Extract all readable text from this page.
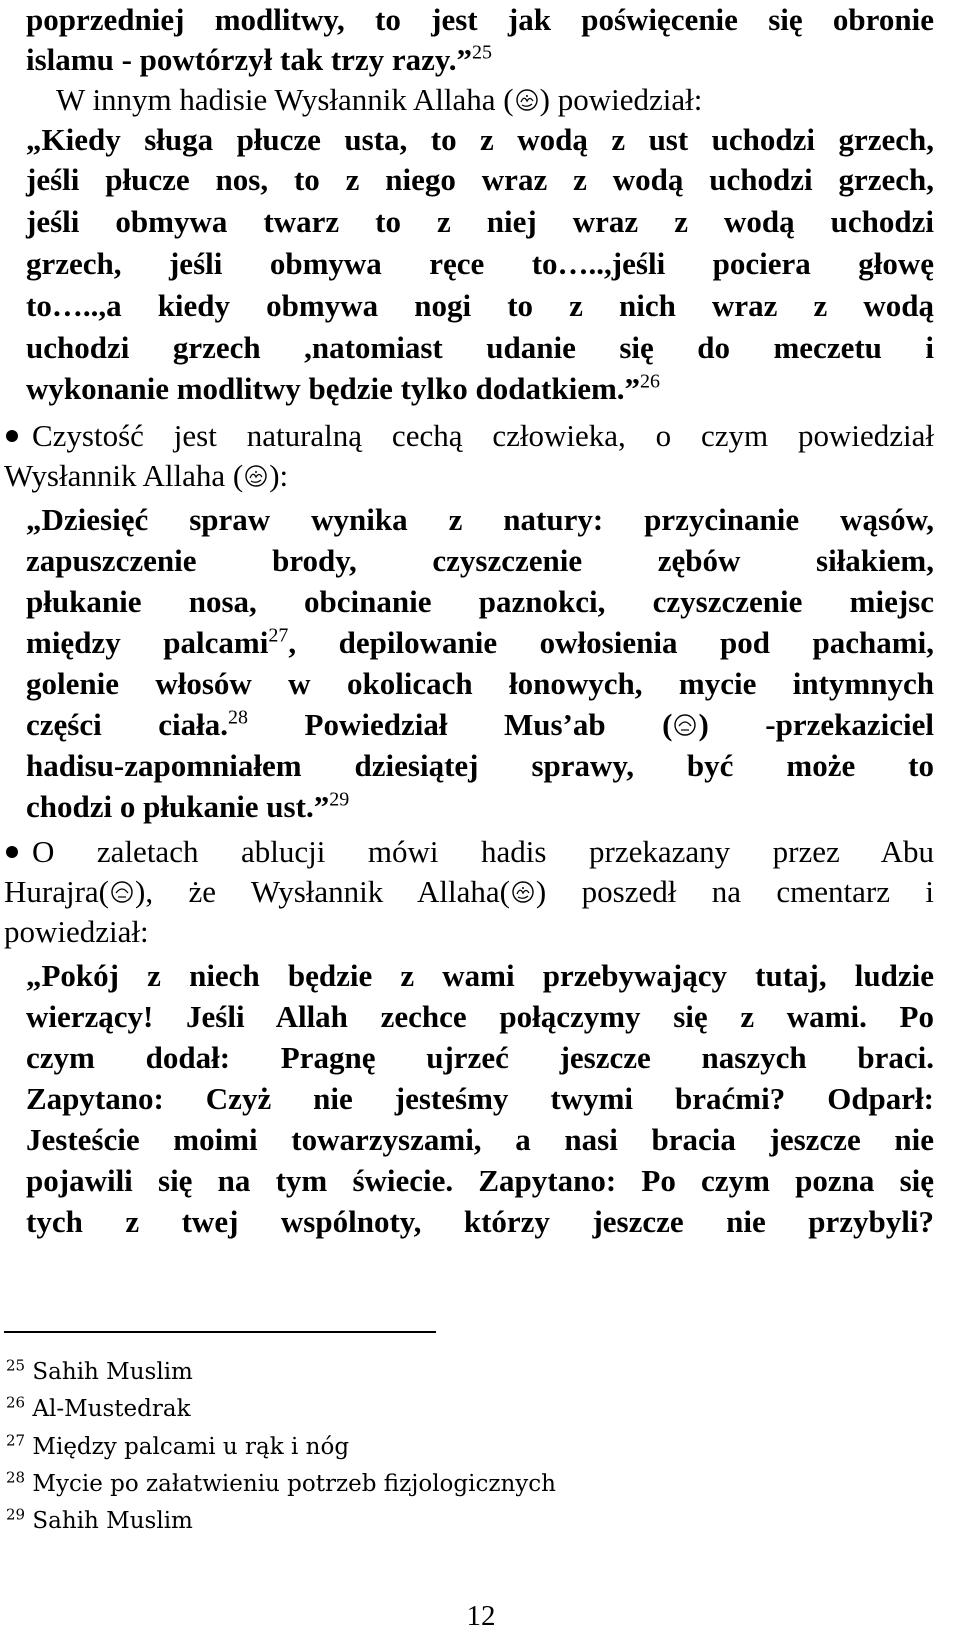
poprzedniej modlitwy, to jest jak poświęcenie się obronie
islamu - powtórzył tak trzy razy.”$^{25}$
W innym hadisie Wysłannik Allaha ( ) powiedział:
„Kiedy sługa płucze usta, to z wodą z ust uchodzi grzech,
jeśli płucze nos, to z niego wraz z wodą uchodzi grzech,
jeśli obmywa twarz to z niej wraz z wodą uchodzi
grzech, jeśli obmywa ręce to…..,jeśli pociera głowę
to…..,a kiedy obmywa nogi to z nich wraz z wodą
uchodzi grzech ,natomiast udanie się do meczetu i
wykonanie modlitwy będzie tylko dodatkiem.”$^{26}$
Czystość jest naturalną cechą człowieka, o czym powiedział
Wysłannik Allaha ( ):
„Dziesięć spraw wynika z natury: przycinanie wąsów,
zapuszczenie brody, czyszczenie zębów siłakiem,
płukanie nosa, obcinanie paznokci, czyszczenie miejsc
między palcami$^{27}$, depilowanie owłosienia pod pachami,
golenie włosów w okolicach łonowych, mycie intymnych
części ciała.$^{28}$ Powiedział Mus’ab ( ) -przekaziciel
hadisu-zapomniałem dziesiątej sprawy, być może to
chodzi o płukanie ust.”$^{29}$
O zaletach ablucji mówi hadis przekazany przez Abu
Hurajra( ), że Wysłannik Allaha( ) poszedł na cmentarz i
powiedział:
„Pokój z niech będzie z wami przebywający tutaj, ludzie
wierzący! Jeśli Allah zechce połączymy się z wami. Po
czym dodał: Pragnę ujrzeć jeszcze naszych braci.
Zapytano: Czyż nie jesteśmy twymi braćmi? Odparł:
Jesteście moimi towarzyszami, a nasi bracia jeszcze nie
pojawili się na tym świecie. Zapytano: Po czym pozna się
tych z twej wspólnoty, którzy jeszcze nie przybyli?
$^{25}$ Sahih Muslim
$^{26}$ Al-Mustedrak
$^{27}$ Między palcami u rąk i nóg
$^{28}$ Mycie po załatwieniu potrzeb fizjologicznych
$^{29}$ Sahih Muslim
12
